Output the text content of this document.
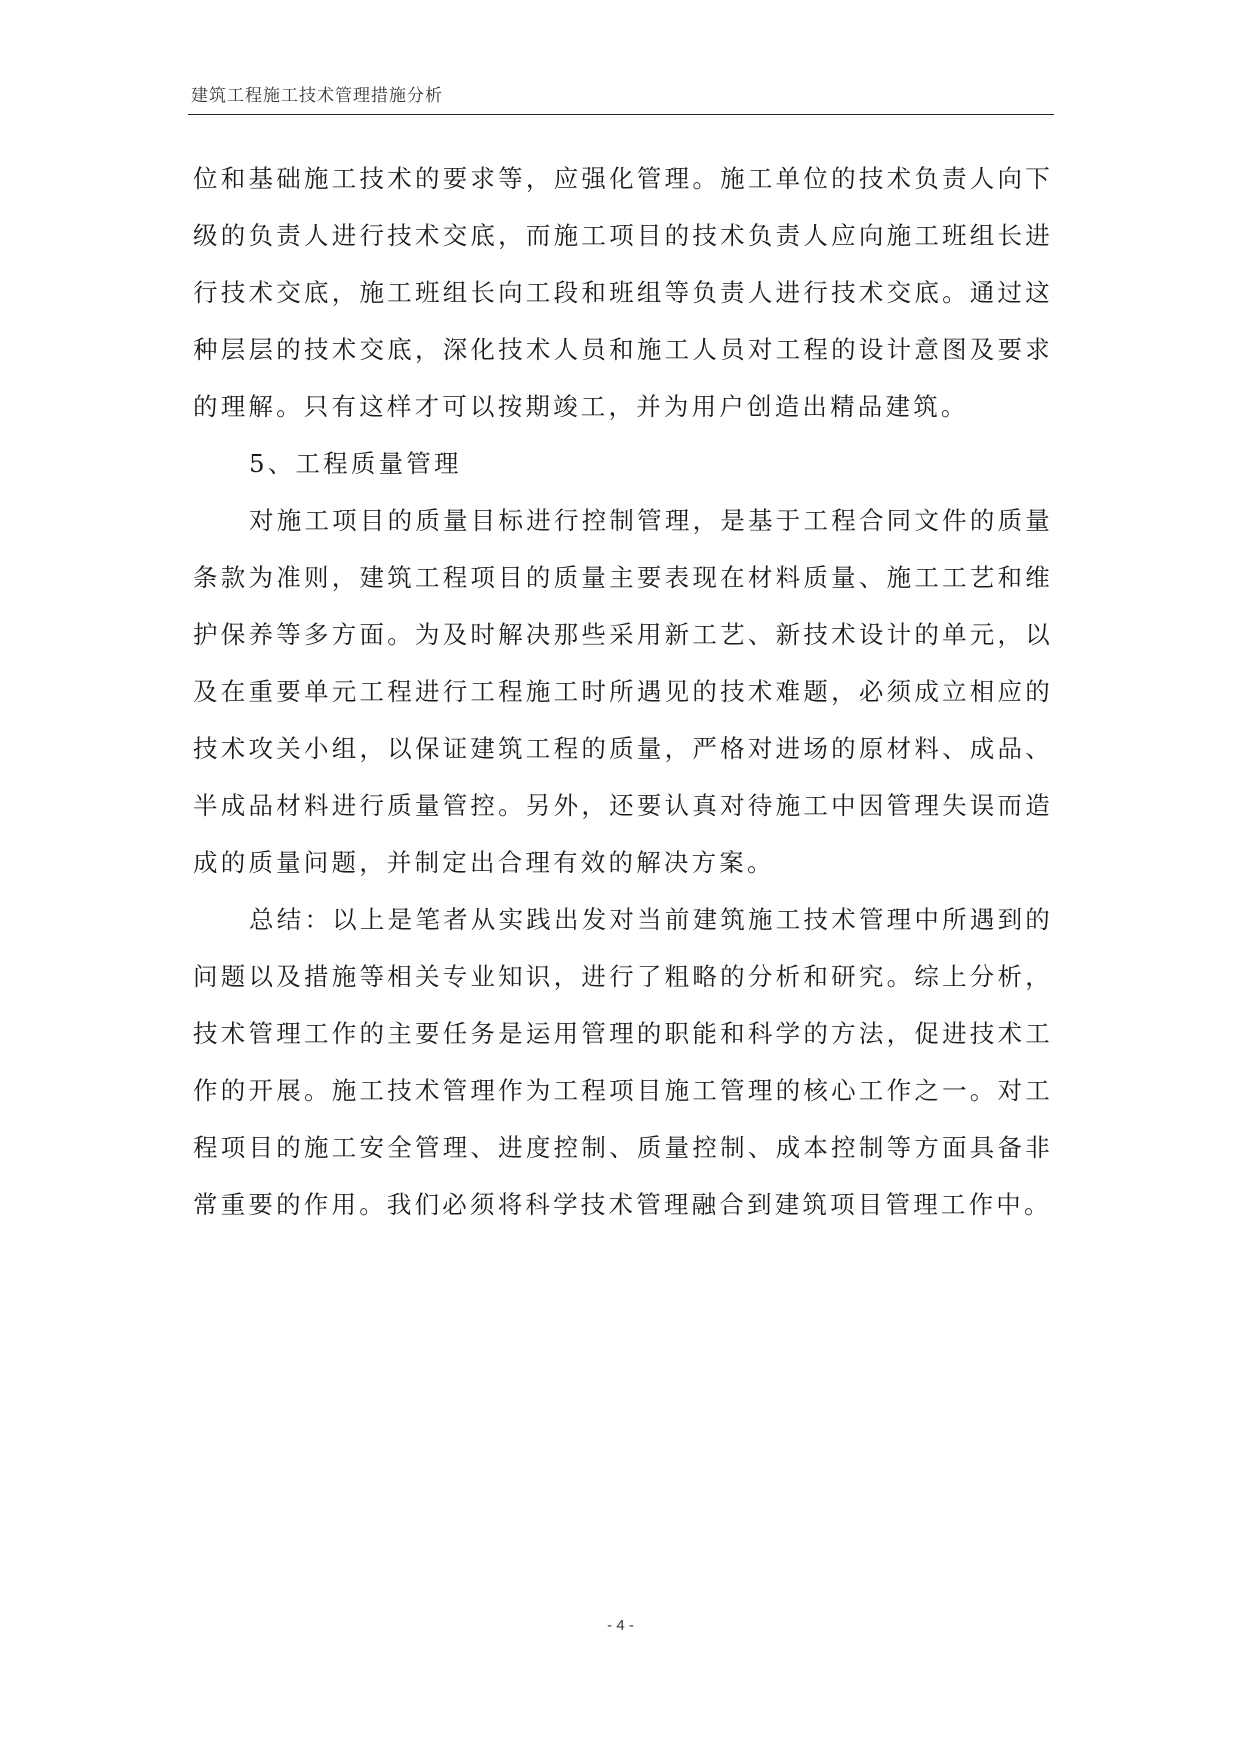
建筑工程施工技术管理措施分析

位和基础施工技术的要求等，应强化管理。施工单位的技术负责人向下级的负责人进行技术交底，而施工项目的技术负责人应向施工班组长进行技术交底，施工班组长向工段和班组等负责人进行技术交底。通过这种层层的技术交底，深化技术人员和施工人员对工程的设计意图及要求的理解。只有这样才可以按期竣工，并为用户创造出精品建筑。

5、工程质量管理

对施工项目的质量目标进行控制管理，是基于工程合同文件的质量条款为准则，建筑工程项目的质量主要表现在材料质量、施工工艺和维护保养等多方面。为及时解决那些采用新工艺、新技术设计的单元，以及在重要单元工程进行工程施工时所遇见的技术难题，必须成立相应的技术攻关小组，以保证建筑工程的质量，严格对进场的原材料、成品、半成品材料进行质量管控。另外，还要认真对待施工中因管理失误而造成的质量问题，并制定出合理有效的解决方案。

总结：以上是笔者从实践出发对当前建筑施工技术管理中所遇到的问题以及措施等相关专业知识，进行了粗略的分析和研究。综上分析，技术管理工作的主要任务是运用管理的职能和科学的方法，促进技术工作的开展。施工技术管理作为工程项目施工管理的核心工作之一。对工程项目的施工安全管理、进度控制、质量控制、成本控制等方面具备非常重要的作用。我们必须将科学技术管理融合到建筑项目管理工作中。

- 4 -
